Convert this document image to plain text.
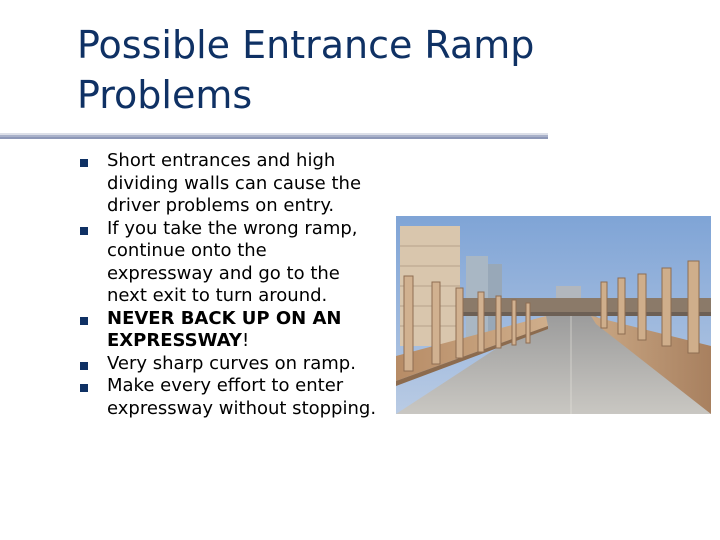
Possible Entrance Ramp Problems
Short entrances and high dividing walls can cause the driver problems on entry.
If you take the wrong ramp, continue onto the expressway and go to the next exit to turn around.
NEVER BACK UP ON AN EXPRESSWAY!
Very sharp curves on ramp.
Make every effort to enter expressway without stopping.
